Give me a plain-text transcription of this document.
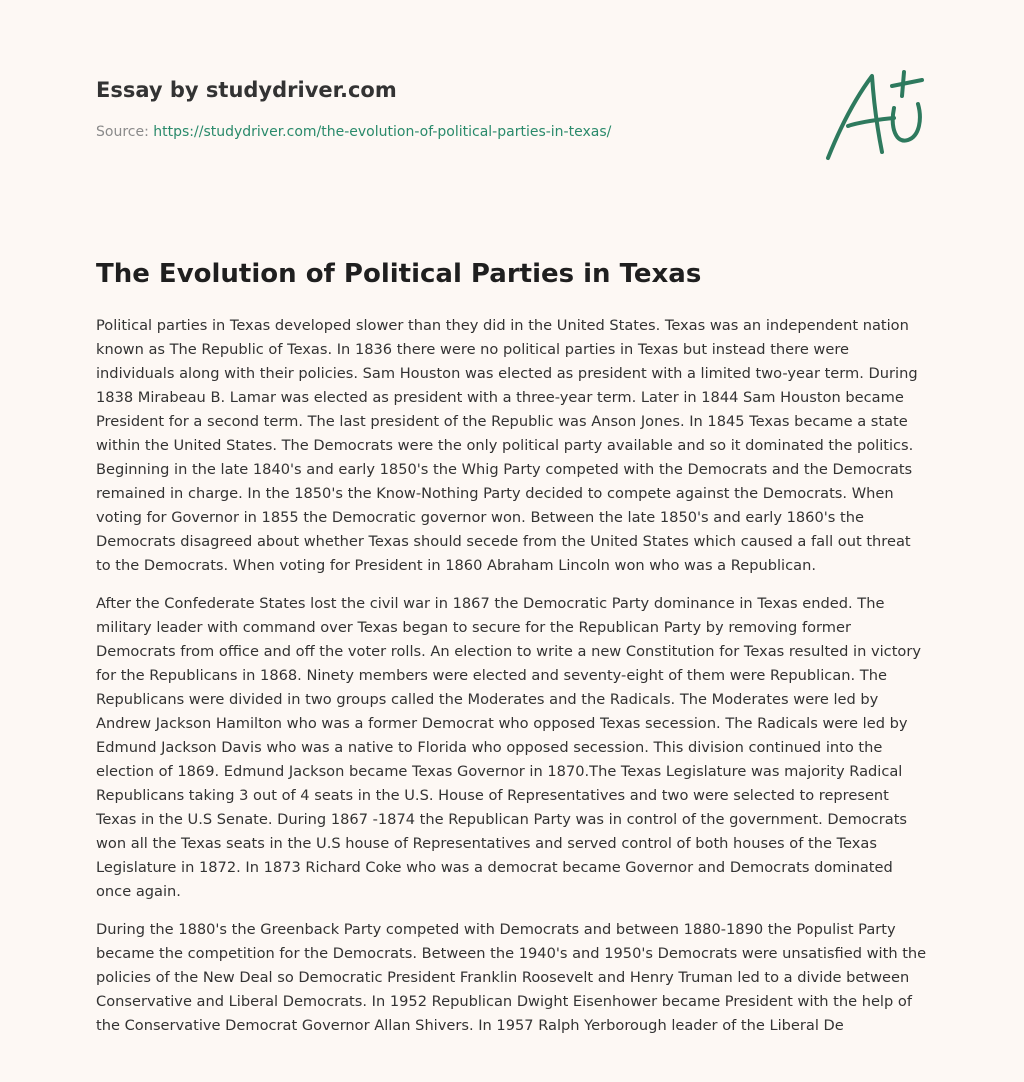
Essay by studydriver.com
Source: https://studydriver.com/the-evolution-of-political-parties-in-texas/
The Evolution of Political Parties in Texas

Political parties in Texas developed slower than they did in the United States. Texas was an independent nation known as The Republic of Texas. In 1836 there were no political parties in Texas but instead there were individuals along with their policies. Sam Houston was elected as president with a limited two-year term. During 1838 Mirabeau B. Lamar was elected as president with a three-year term. Later in 1844 Sam Houston became President for a second term. The last president of the Republic was Anson Jones. In 1845 Texas became a state within the United States. The Democrats were the only political party available and so it dominated the politics. Beginning in the late 1840's and early 1850's the Whig Party competed with the Democrats and the Democrats remained in charge. In the 1850's the Know-Nothing Party decided to compete against the Democrats. When voting for Governor in 1855 the Democratic governor won. Between the late 1850's and early 1860's the Democrats disagreed about whether Texas should secede from the United States which caused a fall out threat to the Democrats. When voting for President in 1860 Abraham Lincoln won who was a Republican.

After the Confederate States lost the civil war in 1867 the Democratic Party dominance in Texas ended. The military leader with command over Texas began to secure for the Republican Party by removing former Democrats from office and off the voter rolls. An election to write a new Constitution for Texas resulted in victory for the Republicans in 1868. Ninety members were elected and seventy-eight of them were Republican. The Republicans were divided in two groups called the Moderates and the Radicals. The Moderates were led by Andrew Jackson Hamilton who was a former Democrat who opposed Texas secession. The Radicals were led by Edmund Jackson Davis who was a native to Florida who opposed secession. This division continued into the election of 1869. Edmund Jackson became Texas Governor in 1870.The Texas Legislature was majority Radical Republicans taking 3 out of 4 seats in the U.S. House of Representatives and two were selected to represent Texas in the U.S Senate. During 1867 -1874 the Republican Party was in control of the government. Democrats won all the Texas seats in the U.S house of Representatives and served control of both houses of the Texas Legislature in 1872. In 1873 Richard Coke who was a democrat became Governor and Democrats dominated once again.

During the 1880's the Greenback Party competed with Democrats and between 1880-1890 the Populist Party became the competition for the Democrats. Between the 1940's and 1950's Democrats were unsatisfied with the policies of the New Deal so Democratic President Franklin Roosevelt and Henry Truman led to a divide between Conservative and Liberal Democrats. In 1952 Republican Dwight Eisenhower became President with the help of the Conservative Democrat Governor Allan Shivers. In 1957 Ralph Yerborough leader of the Liberal De
